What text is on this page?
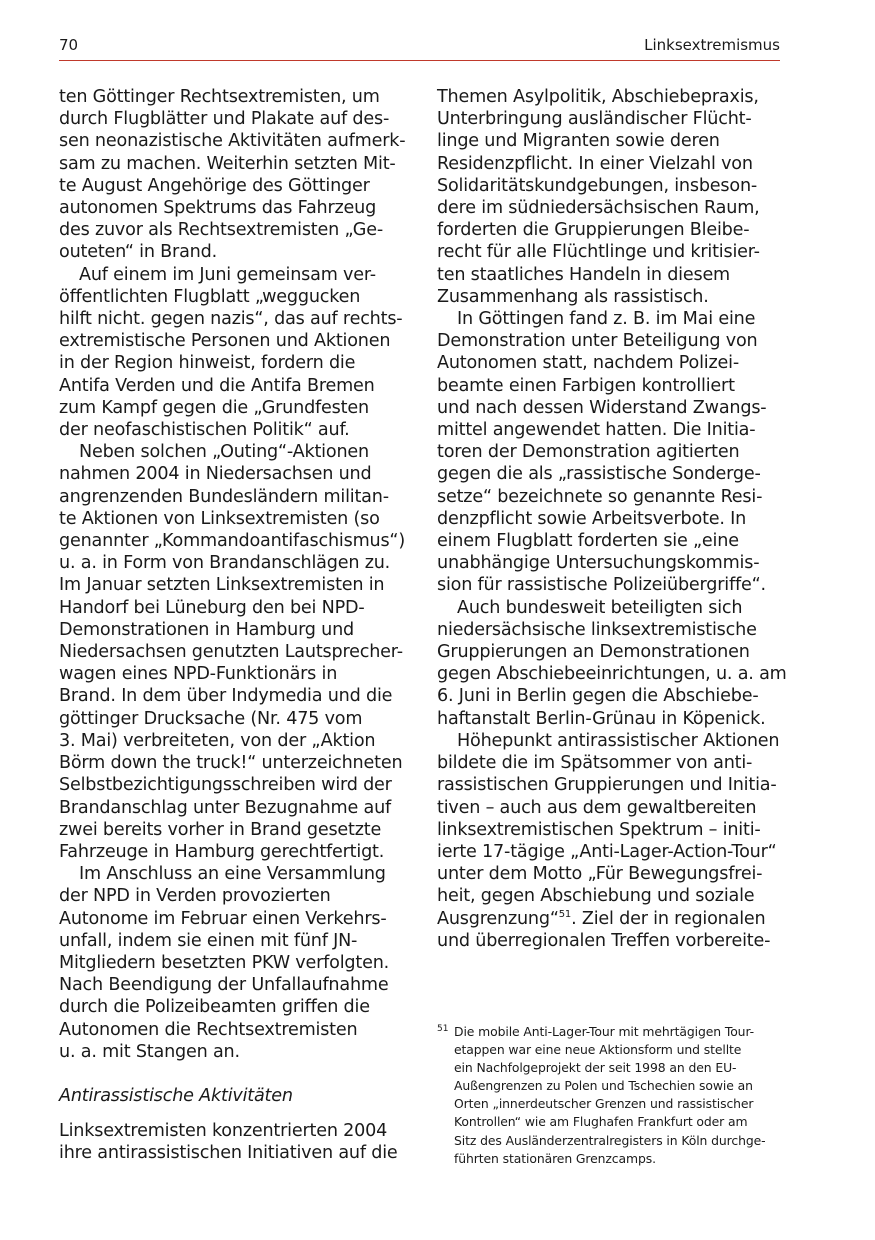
70	Linksextremismus
ten Göttinger Rechtsextremisten, um
durch Flugblätter und Plakate auf des-
sen neonazistische Aktivitäten aufmerk-
sam zu machen. Weiterhin setzten Mit-
te August Angehörige des Göttinger
autonomen Spektrums das Fahrzeug
des zuvor als Rechtsextremisten „Ge-
outeten“ in Brand.
Auf einem im Juni gemeinsam ver-
öffentlichten Flugblatt „weggucken
hilft nicht. gegen nazis“, das auf rechts-
extremistische Personen und Aktionen
in der Region hinweist, fordern die
Antifa Verden und die Antifa Bremen
zum Kampf gegen die „Grundfesten
der neofaschistischen Politik“ auf.
Neben solchen „Outing“-Aktionen
nahmen 2004 in Niedersachsen und
angrenzenden Bundesländern militan-
te Aktionen von Linksextremisten (so
genannter „Kommandoantifaschismus“)
u. a. in Form von Brandanschlägen zu.
Im Januar setzten Linksextremisten in
Handorf bei Lüneburg den bei NPD-
Demonstrationen in Hamburg und
Niedersachsen genutzten Lautsprecher-
wagen eines NPD-Funktionärs in
Brand. In dem über Indymedia und die
göttinger Drucksache (Nr. 475 vom
3. Mai) verbreiteten, von der „Aktion
Börm down the truck!“ unterzeichneten
Selbstbezichtigungsschreiben wird der
Brandanschlag unter Bezugnahme auf
zwei bereits vorher in Brand gesetzte
Fahrzeuge in Hamburg gerechtfertigt.
Im Anschluss an eine Versammlung
der NPD in Verden provozierten
Autonome im Februar einen Verkehrs-
unfall, indem sie einen mit fünf JN-
Mitgliedern besetzten PKW verfolgten.
Nach Beendigung der Unfallaufnahme
durch die Polizeibeamten griffen die
Autonomen die Rechtsextremisten
u. a. mit Stangen an.
Antirassistische Aktivitäten
Linksextremisten konzentrierten 2004
ihre antirassistischen Initiativen auf die
Themen Asylpolitik, Abschiebepraxis,
Unterbringung ausländischer Flücht-
linge und Migranten sowie deren
Residenzpflicht. In einer Vielzahl von
Solidaritätskundgebungen, insbeson-
dere im südniedersächsischen Raum,
forderten die Gruppierungen Bleibe-
recht für alle Flüchtlinge und kritisier-
ten staatliches Handeln in diesem
Zusammenhang als rassistisch.
In Göttingen fand z. B. im Mai eine
Demonstration unter Beteiligung von
Autonomen statt, nachdem Polizei-
beamte einen Farbigen kontrolliert
und nach dessen Widerstand Zwangs-
mittel angewendet hatten. Die Initia-
toren der Demonstration agitierten
gegen die als „rassistische Sonderge-
setze“ bezeichnete so genannte Resi-
denzpflicht sowie Arbeitsverbote. In
einem Flugblatt forderten sie „eine
unabhängige Untersuchungskommis-
sion für rassistische Polizeiübergriffe“.
Auch bundesweit beteiligten sich
niedersächsische linksextremistische
Gruppierungen an Demonstrationen
gegen Abschiebeeinrichtungen, u. a. am
6. Juni in Berlin gegen die Abschiebe-
haftanstalt Berlin-Grünau in Köpenick.
Höhepunkt antirassistischer Aktionen
bildete die im Spätsommer von anti-
rassistischen Gruppierungen und Initia-
tiven – auch aus dem gewaltbereiten
linksextremistischen Spektrum – initi-
ierte 17-tägige „Anti-Lager-Action-Tour“
unter dem Motto „Für Bewegungsfrei-
heit, gegen Abschiebung und soziale
Ausgrenzung“$^{51}$. Ziel der in regionalen
und überregionalen Treffen vorbereite-
51 Die mobile Anti-Lager-Tour mit mehrtägigen Tour-
etappen war eine neue Aktionsform und stellte
ein Nachfolgeprojekt der seit 1998 an den EU-
Außengrenzen zu Polen und Tschechien sowie an
Orten „innerdeutscher Grenzen und rassistischer
Kontrollen“ wie am Flughafen Frankfurt oder am
Sitz des Ausländerzentralregisters in Köln durchge-
führten stationären Grenzcamps.
